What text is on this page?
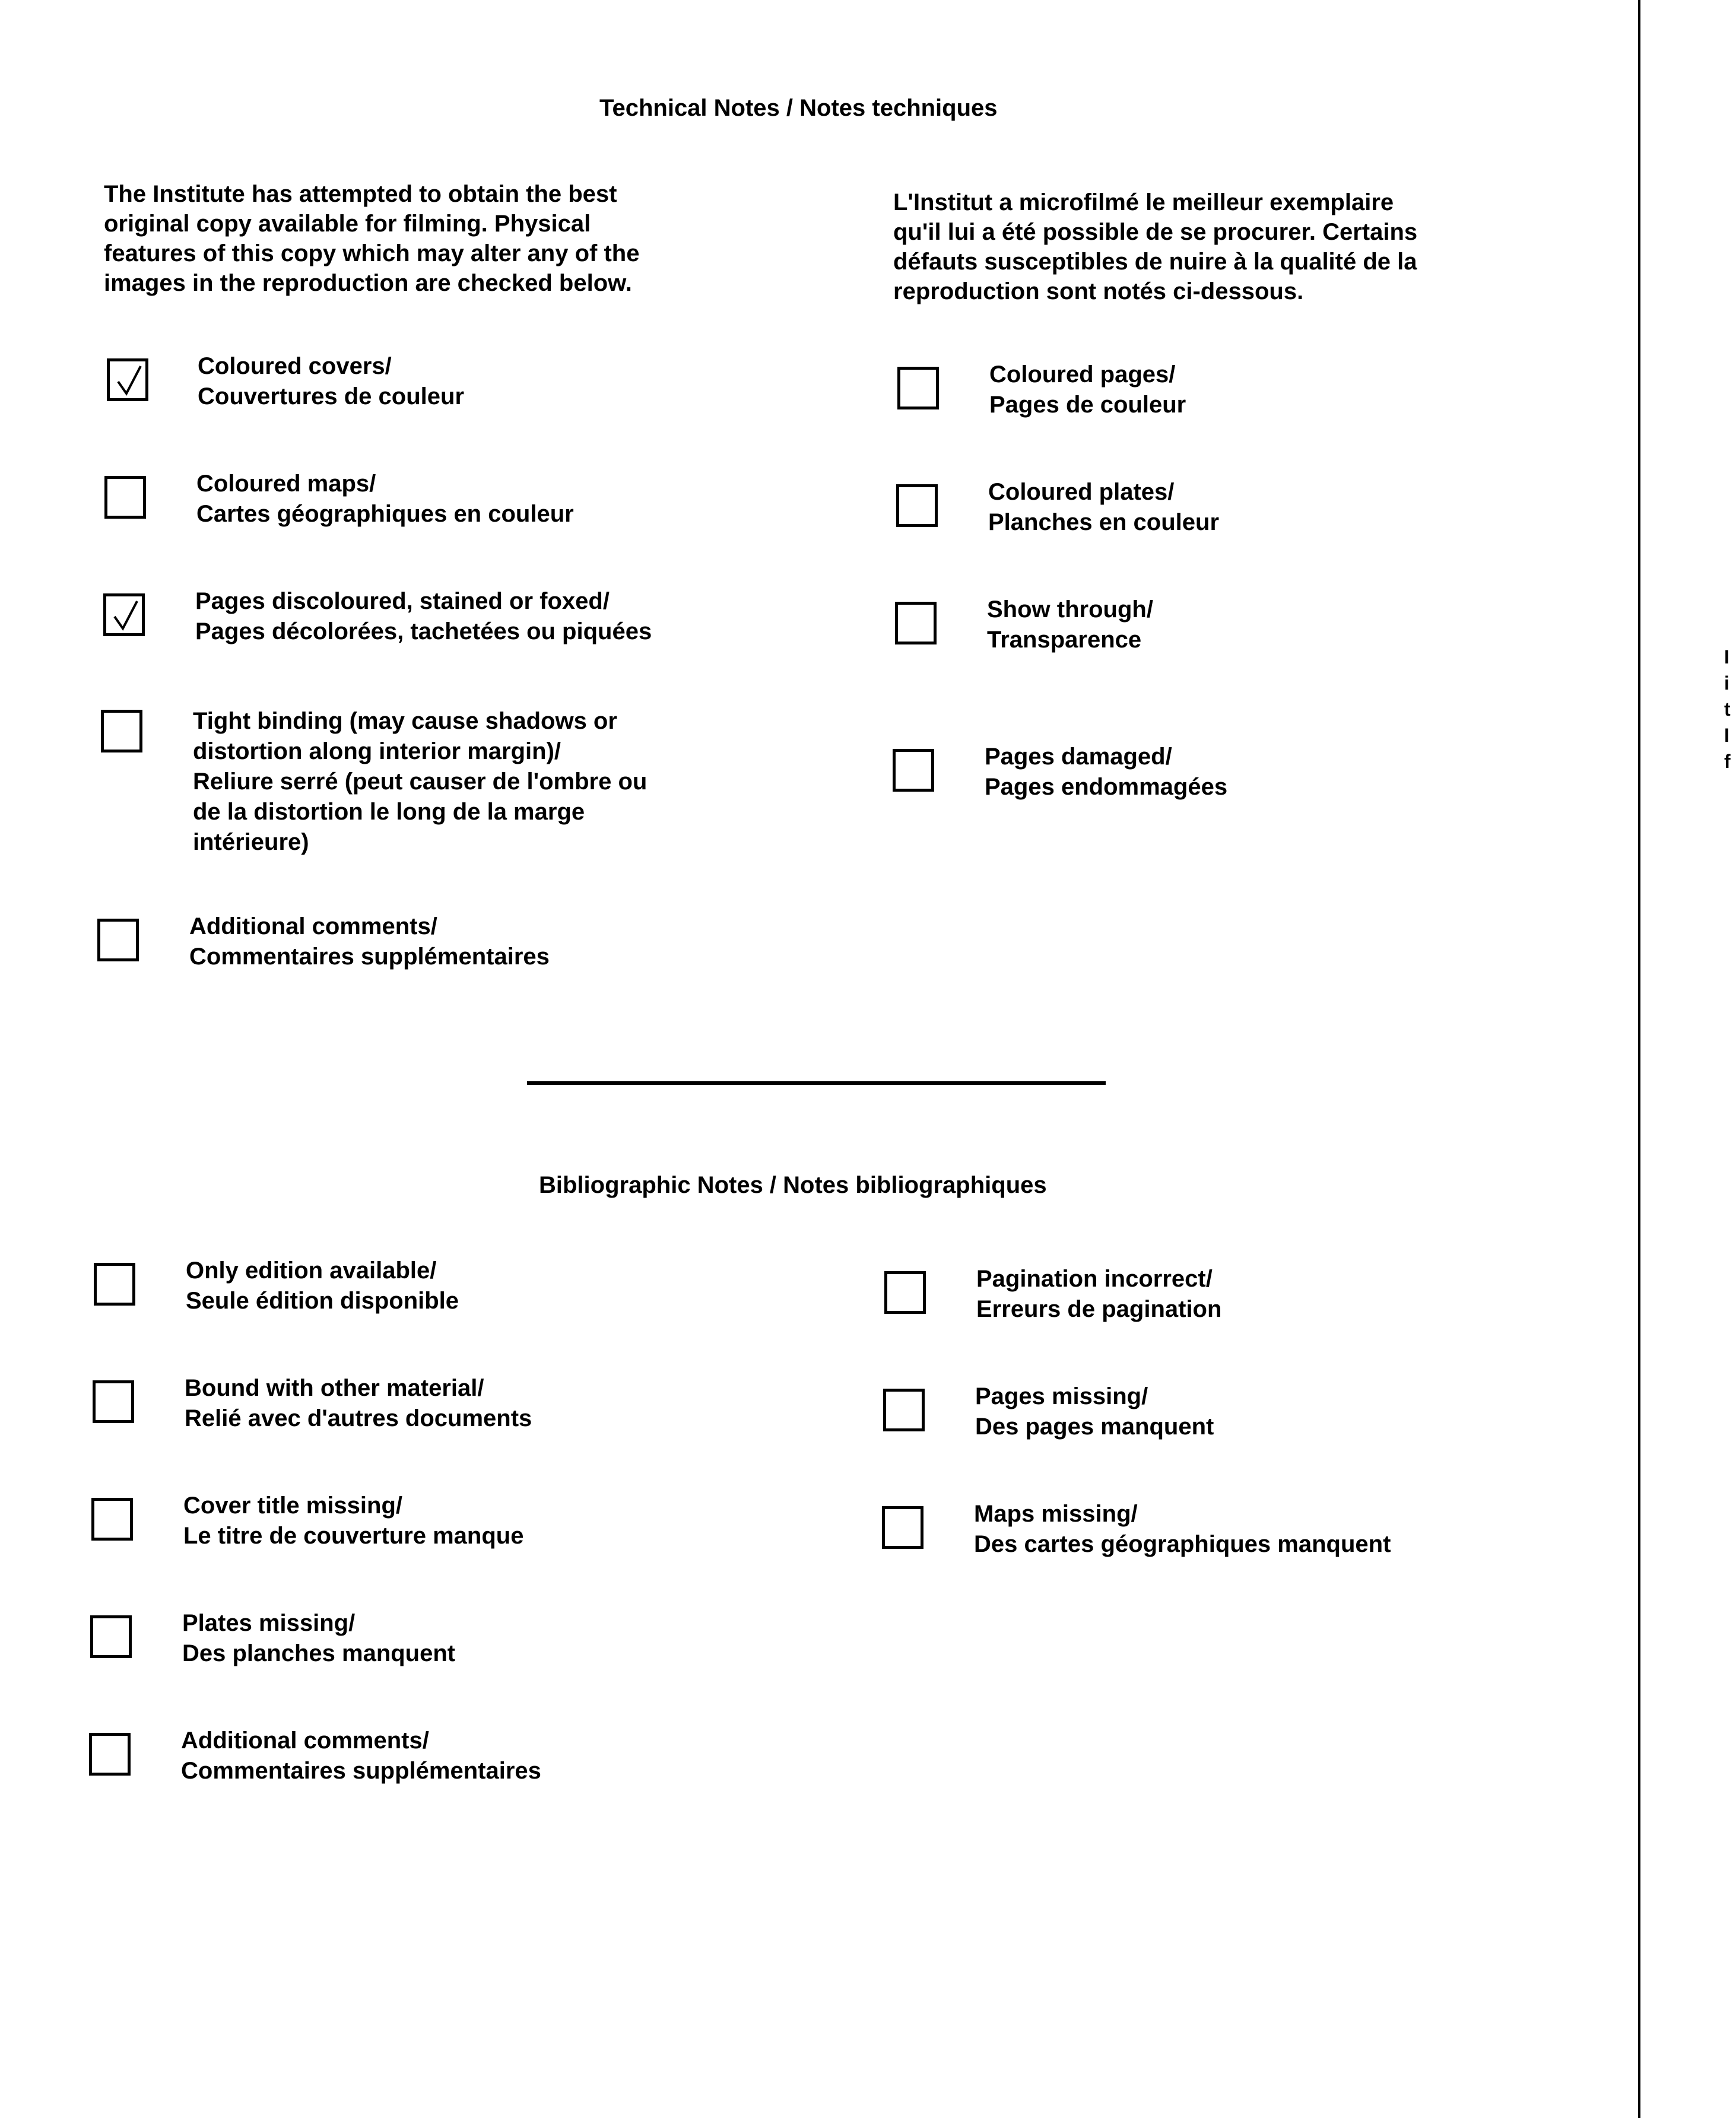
I
i
t
I
f
Technical Notes / Notes techniques
The Institute has attempted to obtain the best
original copy available for filming. Physical
features of this copy which may alter any of the
images in the reproduction are checked below.
L'Institut a microfilmé le meilleur exemplaire
qu'il lui a été possible de se procurer. Certains
défauts susceptibles de nuire à la qualité de la
reproduction sont notés ci-dessous.
Coloured covers/
Couvertures de couleur
Coloured maps/
Cartes géographiques en couleur
Pages discoloured, stained or foxed/
Pages décolorées, tachetées ou piquées
Tight binding (may cause shadows or
distortion along interior margin)/
Reliure serré (peut causer de l'ombre ou
de la distortion le long de la marge
intérieure)
Additional comments/
Commentaires supplémentaires
Coloured pages/
Pages de couleur
Coloured plates/
Planches en couleur
Show through/
Transparence
Pages damaged/
Pages endommagées
Bibliographic Notes / Notes bibliographiques
Only edition available/
Seule édition disponible
Bound with other material/
Relié avec d'autres documents
Cover title missing/
Le titre de couverture manque
Plates missing/
Des planches manquent
Additional comments/
Commentaires supplémentaires
Pagination incorrect/
Erreurs de pagination
Pages missing/
Des pages manquent
Maps missing/
Des cartes géographiques manquent
